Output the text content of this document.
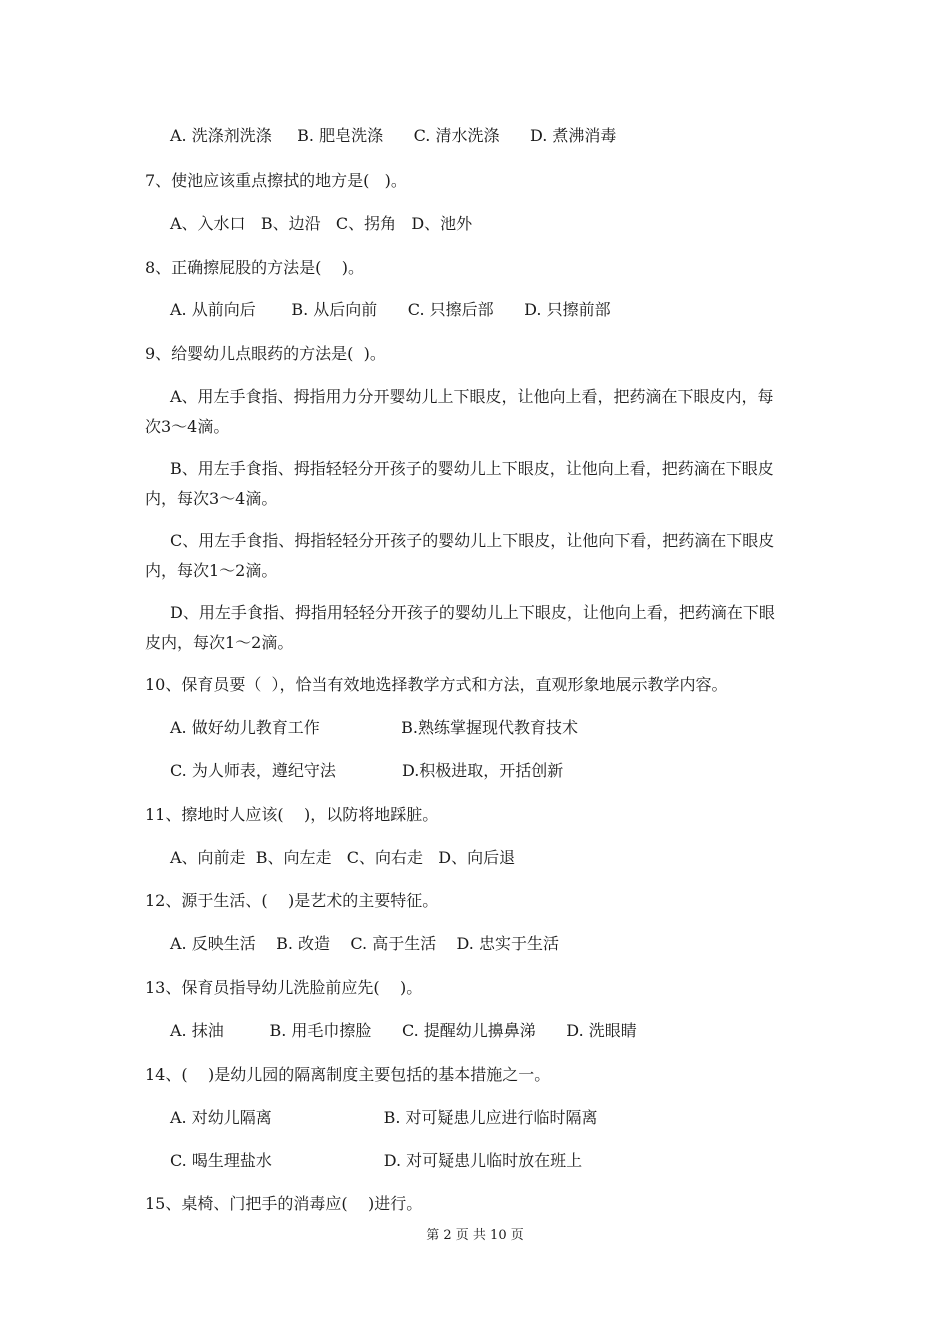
A. 洗涤剂洗涤     B. 肥皂洗涤      C. 清水洗涤      D. 煮沸消毒
7、使池应该重点擦拭的地方是(   )。
A、入水口   B、边沿   C、拐角   D、池外
8、正确擦屁股的方法是(    )。
A. 从前向后       B. 从后向前      C. 只擦后部      D. 只擦前部
9、给婴幼儿点眼药的方法是(  )。
A、用左手食指、拇指用力分开婴幼儿上下眼皮，让他向上看，把药滴在下眼皮内，每
次3～4滴。
B、用左手食指、拇指轻轻分开孩子的婴幼儿上下眼皮，让他向上看，把药滴在下眼皮
内，每次3～4滴。
C、用左手食指、拇指轻轻分开孩子的婴幼儿上下眼皮，让他向下看，把药滴在下眼皮
内，每次1～2滴。
D、用左手食指、拇指用轻轻分开孩子的婴幼儿上下眼皮，让他向上看，把药滴在下眼
皮内，每次1～2滴。
10、保育员要（  ），恰当有效地选择教学方式和方法，直观形象地展示教学内容。
A. 做好幼儿教育工作                B.熟练掌握现代教育技术
C. 为人师表，遵纪守法             D.积极进取，开括创新
11、擦地时人应该(    )，以防将地踩脏。
A、向前走  B、向左走   C、向右走   D、向后退
12、源于生活、(    )是艺术的主要特征。
A. 反映生活    B. 改造    C. 高于生活    D. 忠实于生活
13、保育员指导幼儿洗脸前应先(    )。
A. 抹油         B. 用毛巾擦脸      C. 提醒幼儿擤鼻涕      D. 洗眼睛
14、(    )是幼儿园的隔离制度主要包括的基本措施之一。
A. 对幼儿隔离                      B. 对可疑患儿应进行临时隔离
C. 喝生理盐水                      D. 对可疑患儿临时放在班上
15、桌椅、门把手的消毒应(    )进行。
第 2 页 共 10 页
